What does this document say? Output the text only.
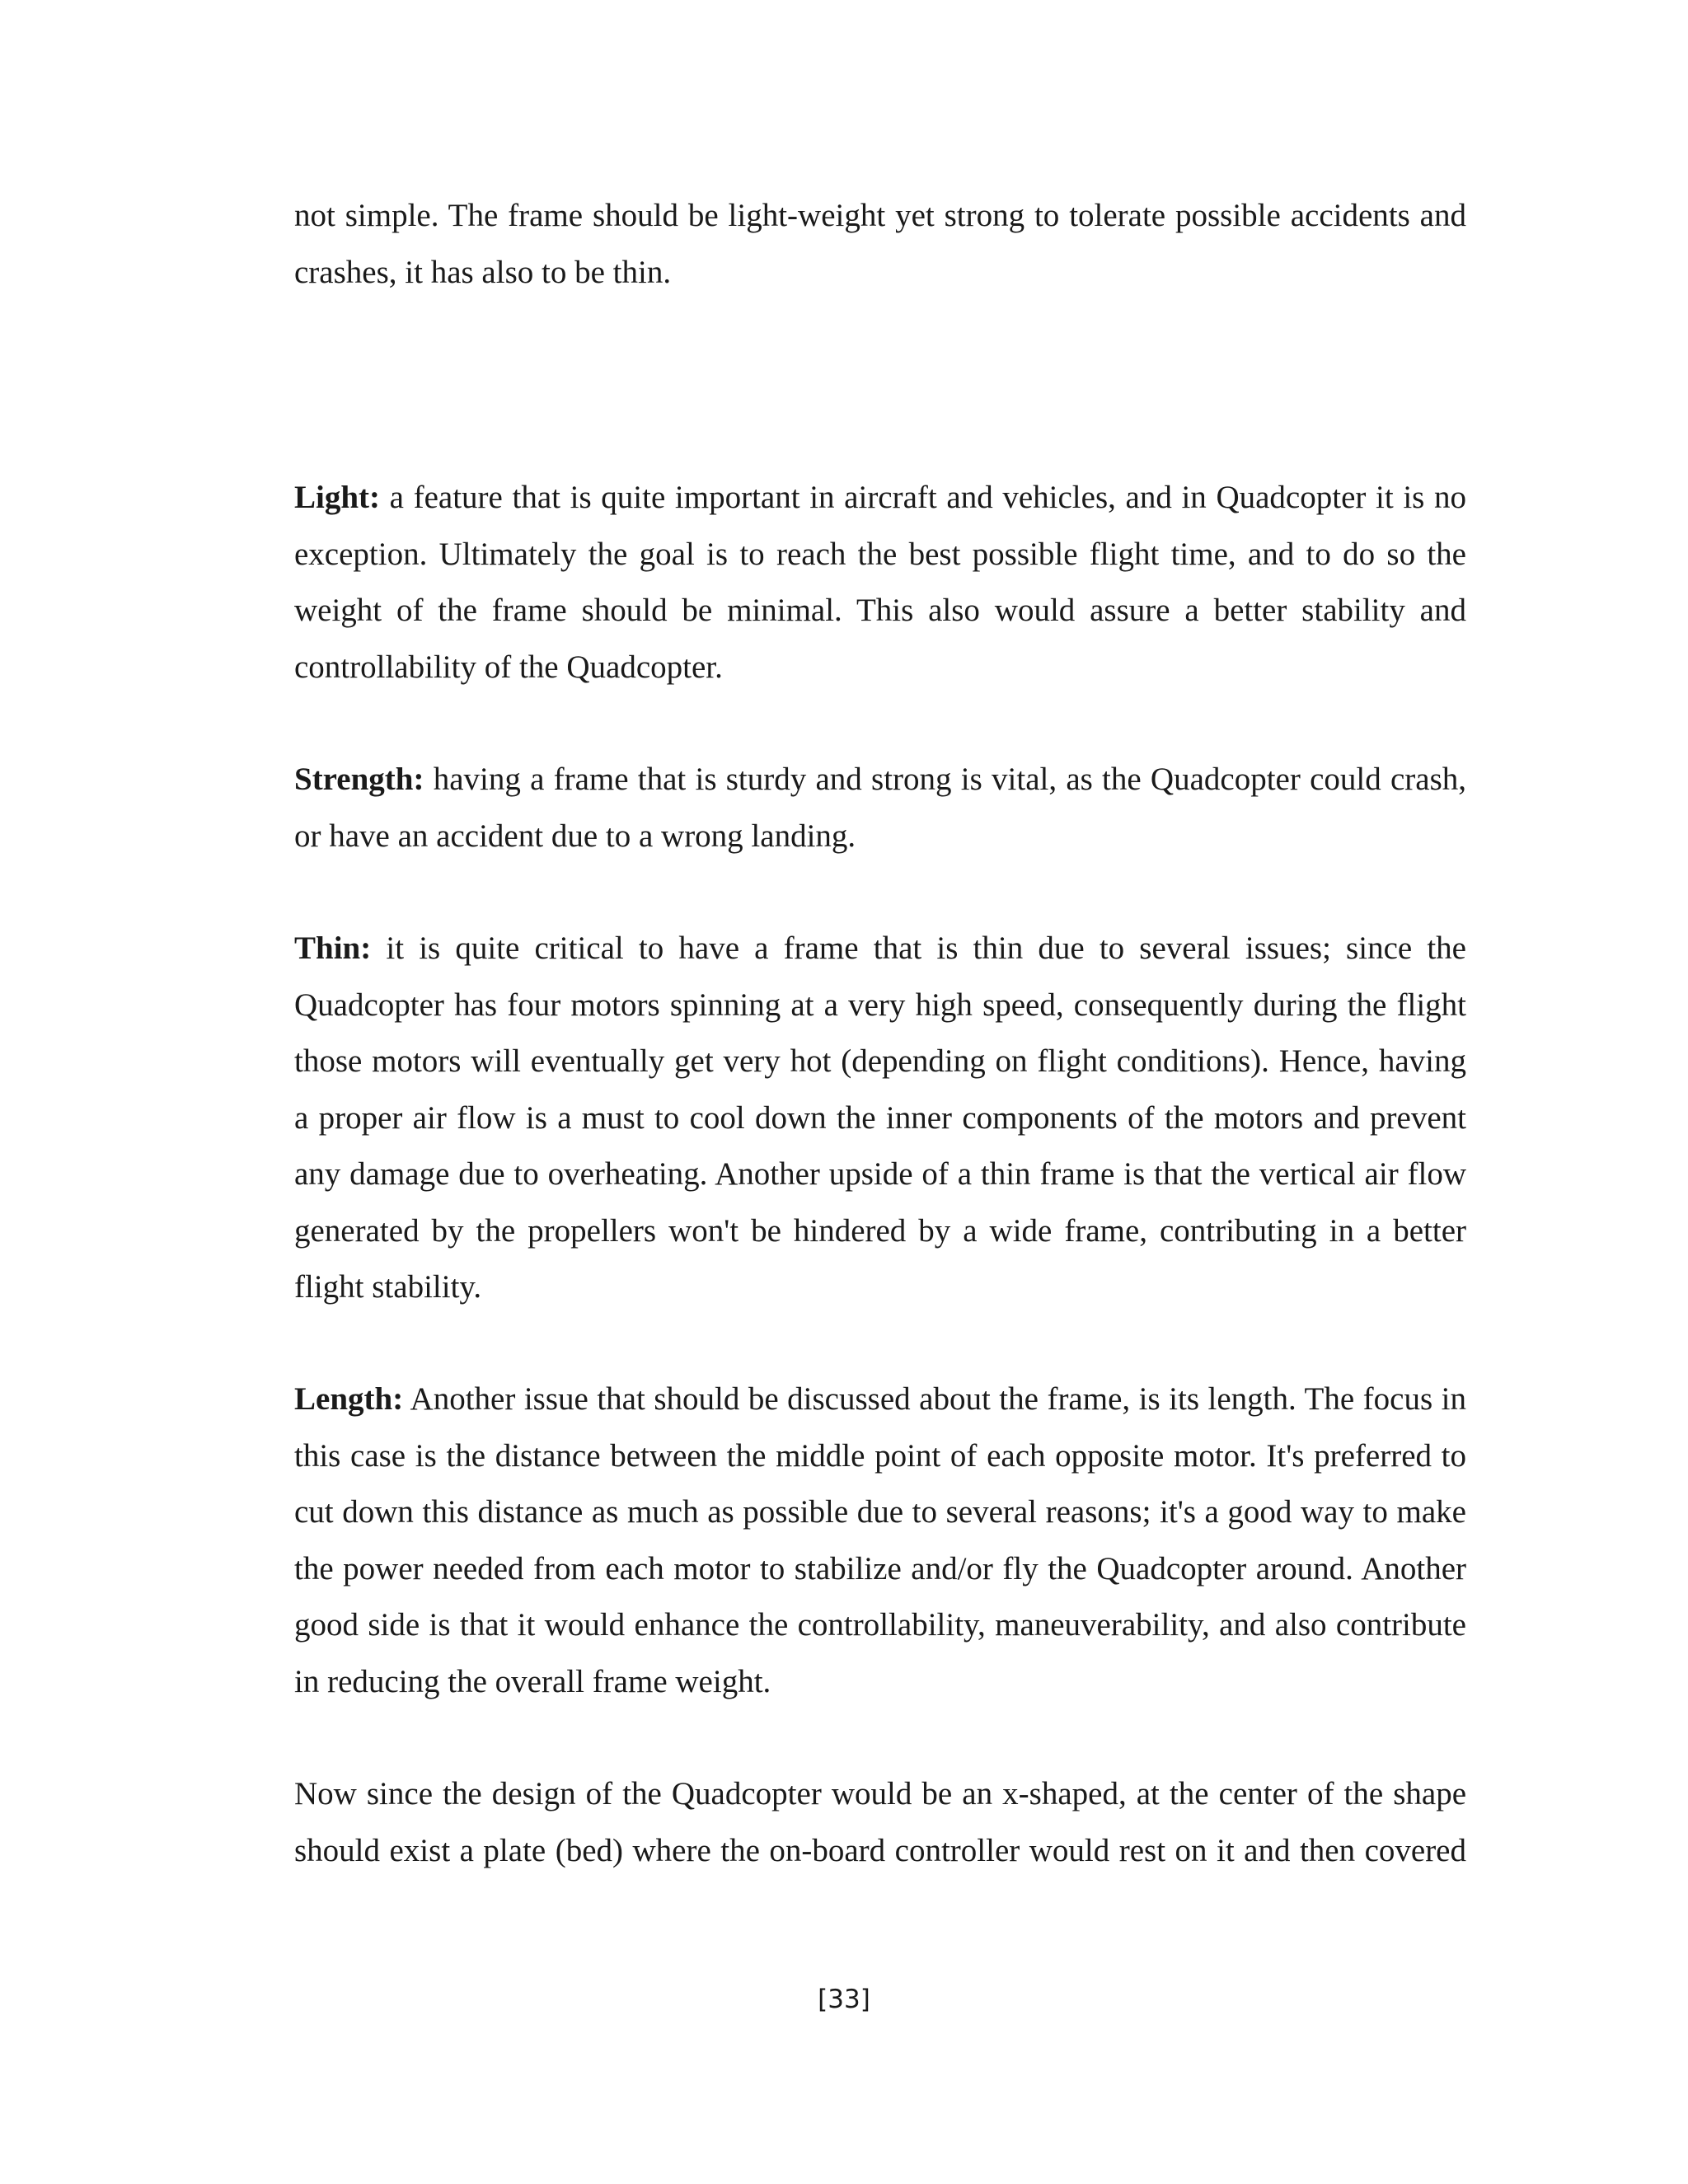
not simple. The frame should be light-weight yet strong to tolerate possible accidents and crashes, it has also to be thin.

Light: a feature that is quite important in aircraft and vehicles, and in Quadcopter it is no exception. Ultimately the goal is to reach the best possible flight time, and to do so the weight of the frame should be minimal. This also would assure a better stability and controllability of the Quadcopter.

Strength: having a frame that is sturdy and strong is vital, as the Quadcopter could crash, or have an accident due to a wrong landing.

Thin: it is quite critical to have a frame that is thin due to several issues; since the Quadcopter has four motors spinning at a very high speed, consequently during the flight those motors will eventually get very hot (depending on flight conditions). Hence, having a proper air flow is a must to cool down the inner components of the motors and prevent any damage due to overheating. Another upside of a thin frame is that the vertical air flow generated by the propellers won't be hindered by a wide frame, contributing in a better flight stability.

Length: Another issue that should be discussed about the frame, is its length. The focus in this case is the distance between the middle point of each opposite motor. It's preferred to cut down this distance as much as possible due to several reasons; it's a good way to make the power needed from each motor to stabilize and/or fly the Quadcopter around. Another good side is that it would enhance the controllability, maneuverability, and also contribute in reducing the overall frame weight.

Now since the design of the Quadcopter would be an x-shaped, at the center of the shape should exist a plate (bed) where the on-board controller would rest on it and then covered

[33]
